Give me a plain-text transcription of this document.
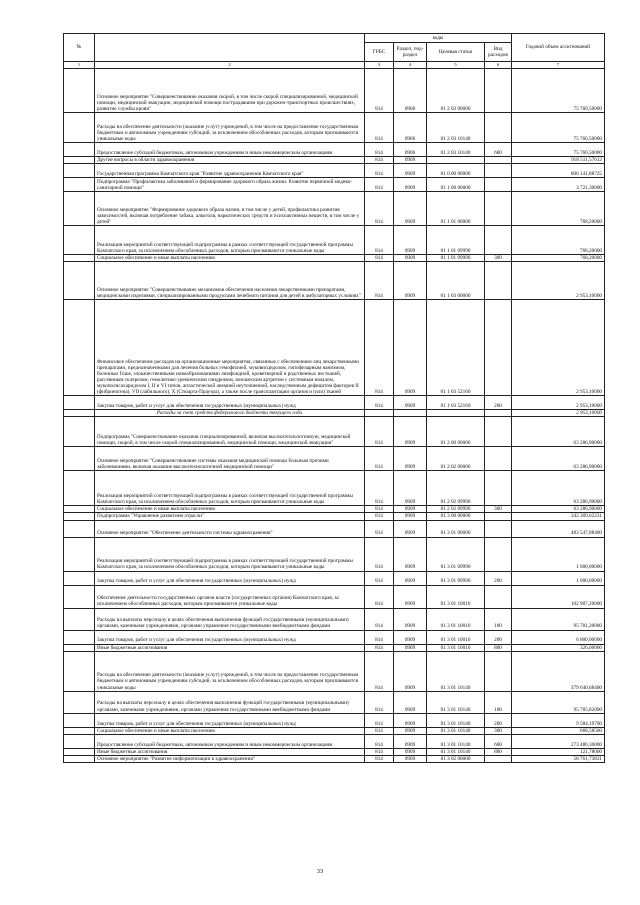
№		коды				Годовой объем ассигнований
		ГРБС	Раздел, под-раздел	Целевая статья	Вид расходов	
1	2	3	4	5	6	7
	Основное мероприятие "Совершенствование оказания скорой, в том числе скорой специализированной, медицинской помощи, медицинской эвакуации, медицинской помощи пострадавшим при дорожно-транспортных происшествиях, развитие службы крови"	814	0906	01 2 03 00000		75 760,50000
	Расходы на обеспечение деятельности (оказание услуг) учреждений, в том числе на предоставление государственным бюджетным и автономным учреждениям субсидий, за исключением обособленных расходов, которым присваиваются уникальные коды	814	0906	01 2 03 10140		75 760,50000
	Предоставление субсидий бюджетным, автономным учреждениям и иным некоммерческим организациям	814	0906	01 2 03 10140	600	75 760,50000
	Другие вопросы в области здравоохранения	814	0909			918 511,57612
	Государственная программа Камчатского края "Развитие здравоохранения Камчатского края"	814	0909	01 0 00 00000		806 141,88725
	Подпрограмма "Профилактика заболеваний и формирование здорового образа жизни. Развитие первичной медико-санитарной помощи"	814	0909	01 1 00 00000		3 721,30000
	Основное мероприятие "Формирование здорового образа жизни, в том числе у детей, профилактика развития зависимостей, включая потребление табака, алкоголя, наркотических средств и психоактивных веществ, в том числе у детей"	814	0909	01 1 01 00000		768,20000
	Реализация мероприятий соответствующей подпрограммы в рамках соответствующей государственной программы Камчатского края, за исключением обособленных расходов, которым присваиваются уникальные коды	814	0909	01 1 01 09990		768,20000
	Социальное обеспечение и иные выплаты населению	814	0909	01 1 01 09990	300	768,20000
	Основное мероприятие "Совершенствование механизмов обеспечения населения лекарственными препаратами, медицинскими изделиями, специализированными продуктами лечебного питания для детей в амбулаторных условиях"	814	0909	01 1 03 00000		2 953,10000
	Финансовое обеспечение расходов на организационные мероприятия, связанные с обеспечением лиц лекарственными препаратами, предназначенными для лечения больных гемофилией, муковисцидозом, гипофизарным нанизмом, болезнью Гоше, злокачественными новообразованиями лимфоидной, кроветворной и родственных им тканей, рассеянным склерозом, гемолитико-уремическим синдромом, юношеским артритом с системным началом, мукополисахаридозом I, II и VI типов, апластической анемией неуточненной, наследственным дефицитом факторов II (фибриногена), VII (лабильного), X (Стюарта-Прауэра), а также после трансплантации органов и (или) тканей	814	0909	01 1 03 52160		2 953,10000
	Закупка товаров, работ и услуг для обеспечения государственных (муниципальных) нужд	814	0909	01 1 03 52160	200	2 953,10000
	Расходы за счет средств федерального бюджета текущего года					2 953,10000
	Подпрограмма "Совершенствование оказания специализированной, включая высокотехнологичную, медицинской помощи, скорой, в том числе скорой специализированной, медицинской помощи, медицинской эвакуации"	814	0909	01 2 00 00000		63 286,90000
	Основное мероприятие "Совершенствование системы оказания медицинской помощи больным прочими заболеваниями, включая оказание высокотехнологичной медицинской помощи"	814	0909	01 2 02 00000		63 286,90000
	Реализация мероприятий соответствующей подпрограммы в рамках соответствующей государственной программы Камчатского края, за исключением обособленных расходов, которым присваиваются уникальные коды	814	0909	01 2 02 09990		63 286,90000
	Социальное обеспечение и иные выплаты населению	814	0909	01 2 02 09990	300	63 286,90000
	Подпрограмма "Управление развитием отрасли"	814	0909	01 3 00 00000		342 309,62231
	Основное мероприятие "Обеспечение деятельности системы здравоохранения"	814	0909	01 3 01 00000		483 547,88400
	Реализация мероприятий соответствующей подпрограммы в рамках соответствующей государственной программы Камчатского края, за исключением обособленных расходов, которым присваиваются уникальные коды	814	0909	01 3 01 09990		1 000,00000
	Закупка товаров, работ и услуг для обеспечения государственных (муниципальных) нужд	814	0909	01 3 01 09990	200	1 000,00000
	Обеспечение деятельности государственных органов власти (государственных органов) Камчатского края, за исключением обособленных расходов, которым присваиваются уникальные коды	814	0909	01 3 01 10010		102 907,20000
	Расходы на выплаты персоналу в целях обеспечения выполнения функций государственными (муниципальными) органами, казенными учреждениями, органами управления государственными внебюджетными фондами	814	0909	01 3 01 10010	100	95 781,20000
	Закупка товаров, работ и услуг для обеспечения государственных (муниципальных) нужд	814	0909	01 3 01 10010	200	6 800,00000
	Иные бюджетные ассигнования	814	0909	01 3 01 10010	800	326,00000
	Расходы на обеспечение деятельности (оказание услуг) учреждений, в том числе на предоставление государственным бюджетным и автономным учреждениям субсидий, за исключением обособленных расходов, которым присваиваются уникальные коды	814	0909	01 3 01 10140		379 640,68400
	Расходы на выплаты персоналу в целях обеспечения выполнения функций государственными (муниципальными) органами, казенными учреждениями, органами управления государственными внебюджетными фондами	814	0909	01 3 01 10140	100	95 785,82000
	Закупка товаров, работ и услуг для обеспечения государственных (муниципальных) нужд	814	0909	01 3 01 10140	200	9 584,19700
	Социальное обеспечение и иные выплаты населению	814	0909	01 3 01 10140	300	668,58500
	Предоставление субсидий бюджетным, автономным учреждениям и иным некоммерческим организациям	814	0909	01 3 01 10140	600	273 480,30000
	Иные бюджетные ассигнования	814	0909	01 3 01 10140	800	121,78000
	Основное мероприятие "Развитие информатизации в здравоохранении"	814	0909	01 3 02 00000		58 761,73831
33
